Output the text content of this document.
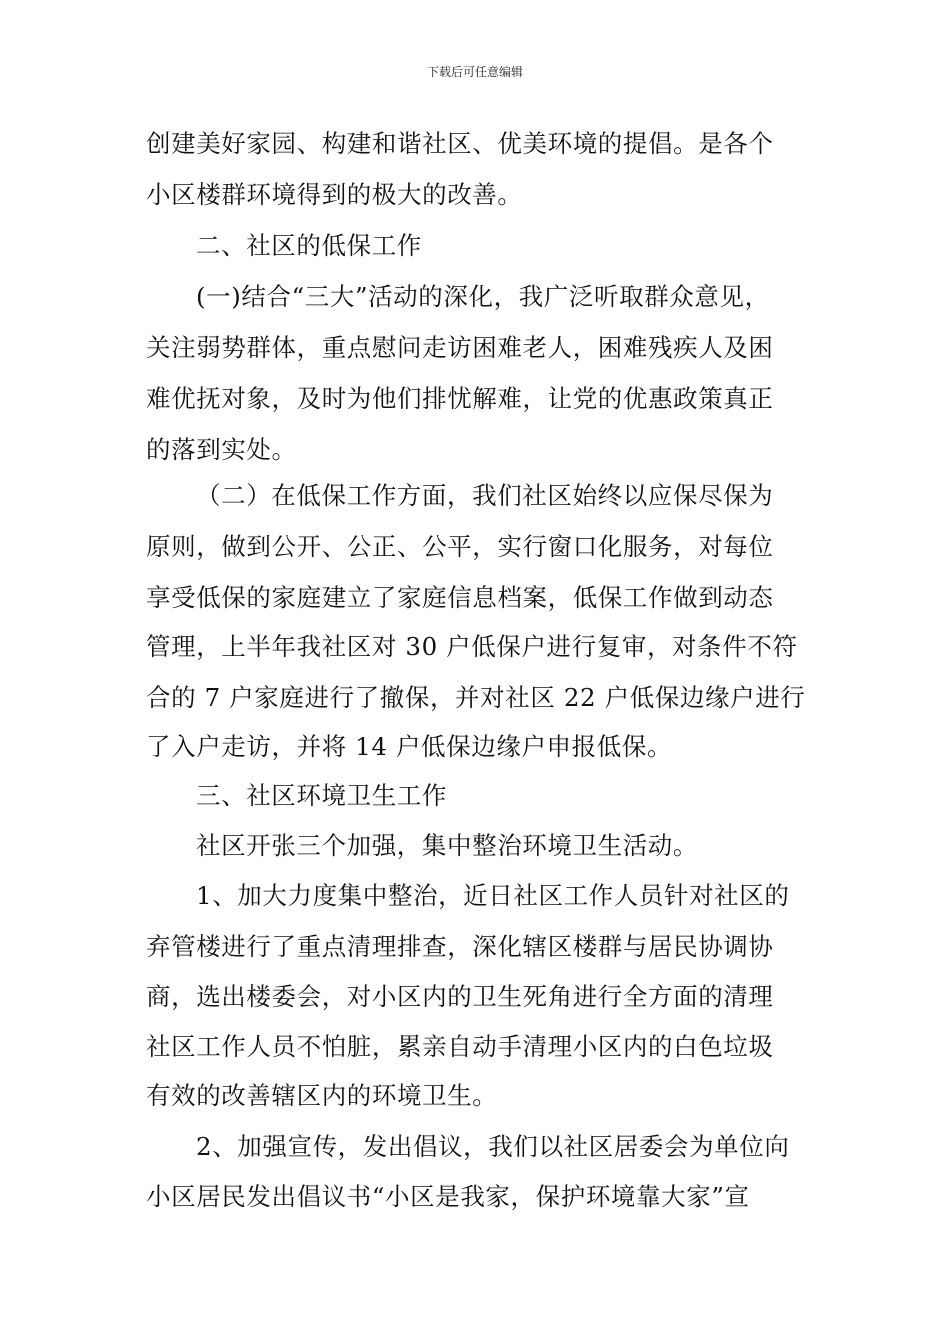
下载后可任意编辑
创建美好家园、构建和谐社区、优美环境的提倡。是各个
小区楼群环境得到的极大的改善。
二、社区的低保工作
(一)结合“三大”活动的深化，我广泛听取群众意见，
关注弱势群体，重点慰问走访困难老人，困难残疾人及困
难优抚对象，及时为他们排忧解难，让党的优惠政策真正
的落到实处。
（二）在低保工作方面，我们社区始终以应保尽保为
原则，做到公开、公正、公平，实行窗口化服务，对每位
享受低保的家庭建立了家庭信息档案，低保工作做到动态
管理，上半年我社区对 30 户低保户进行复审，对条件不符
合的 7 户家庭进行了撤保，并对社区 22 户低保边缘户进行
了入户走访，并将 14 户低保边缘户申报低保。
三、社区环境卫生工作
社区开张三个加强，集中整治环境卫生活动。
1、加大力度集中整治，近日社区工作人员针对社区的
弃管楼进行了重点清理排查，深化辖区楼群与居民协调协
商，选出楼委会，对小区内的卫生死角进行全方面的清理
社区工作人员不怕脏，累亲自动手清理小区内的白色垃圾
有效的改善辖区内的环境卫生。
2、加强宣传，发出倡议，我们以社区居委会为单位向
小区居民发出倡议书“小区是我家，保护环境靠大家”宣
